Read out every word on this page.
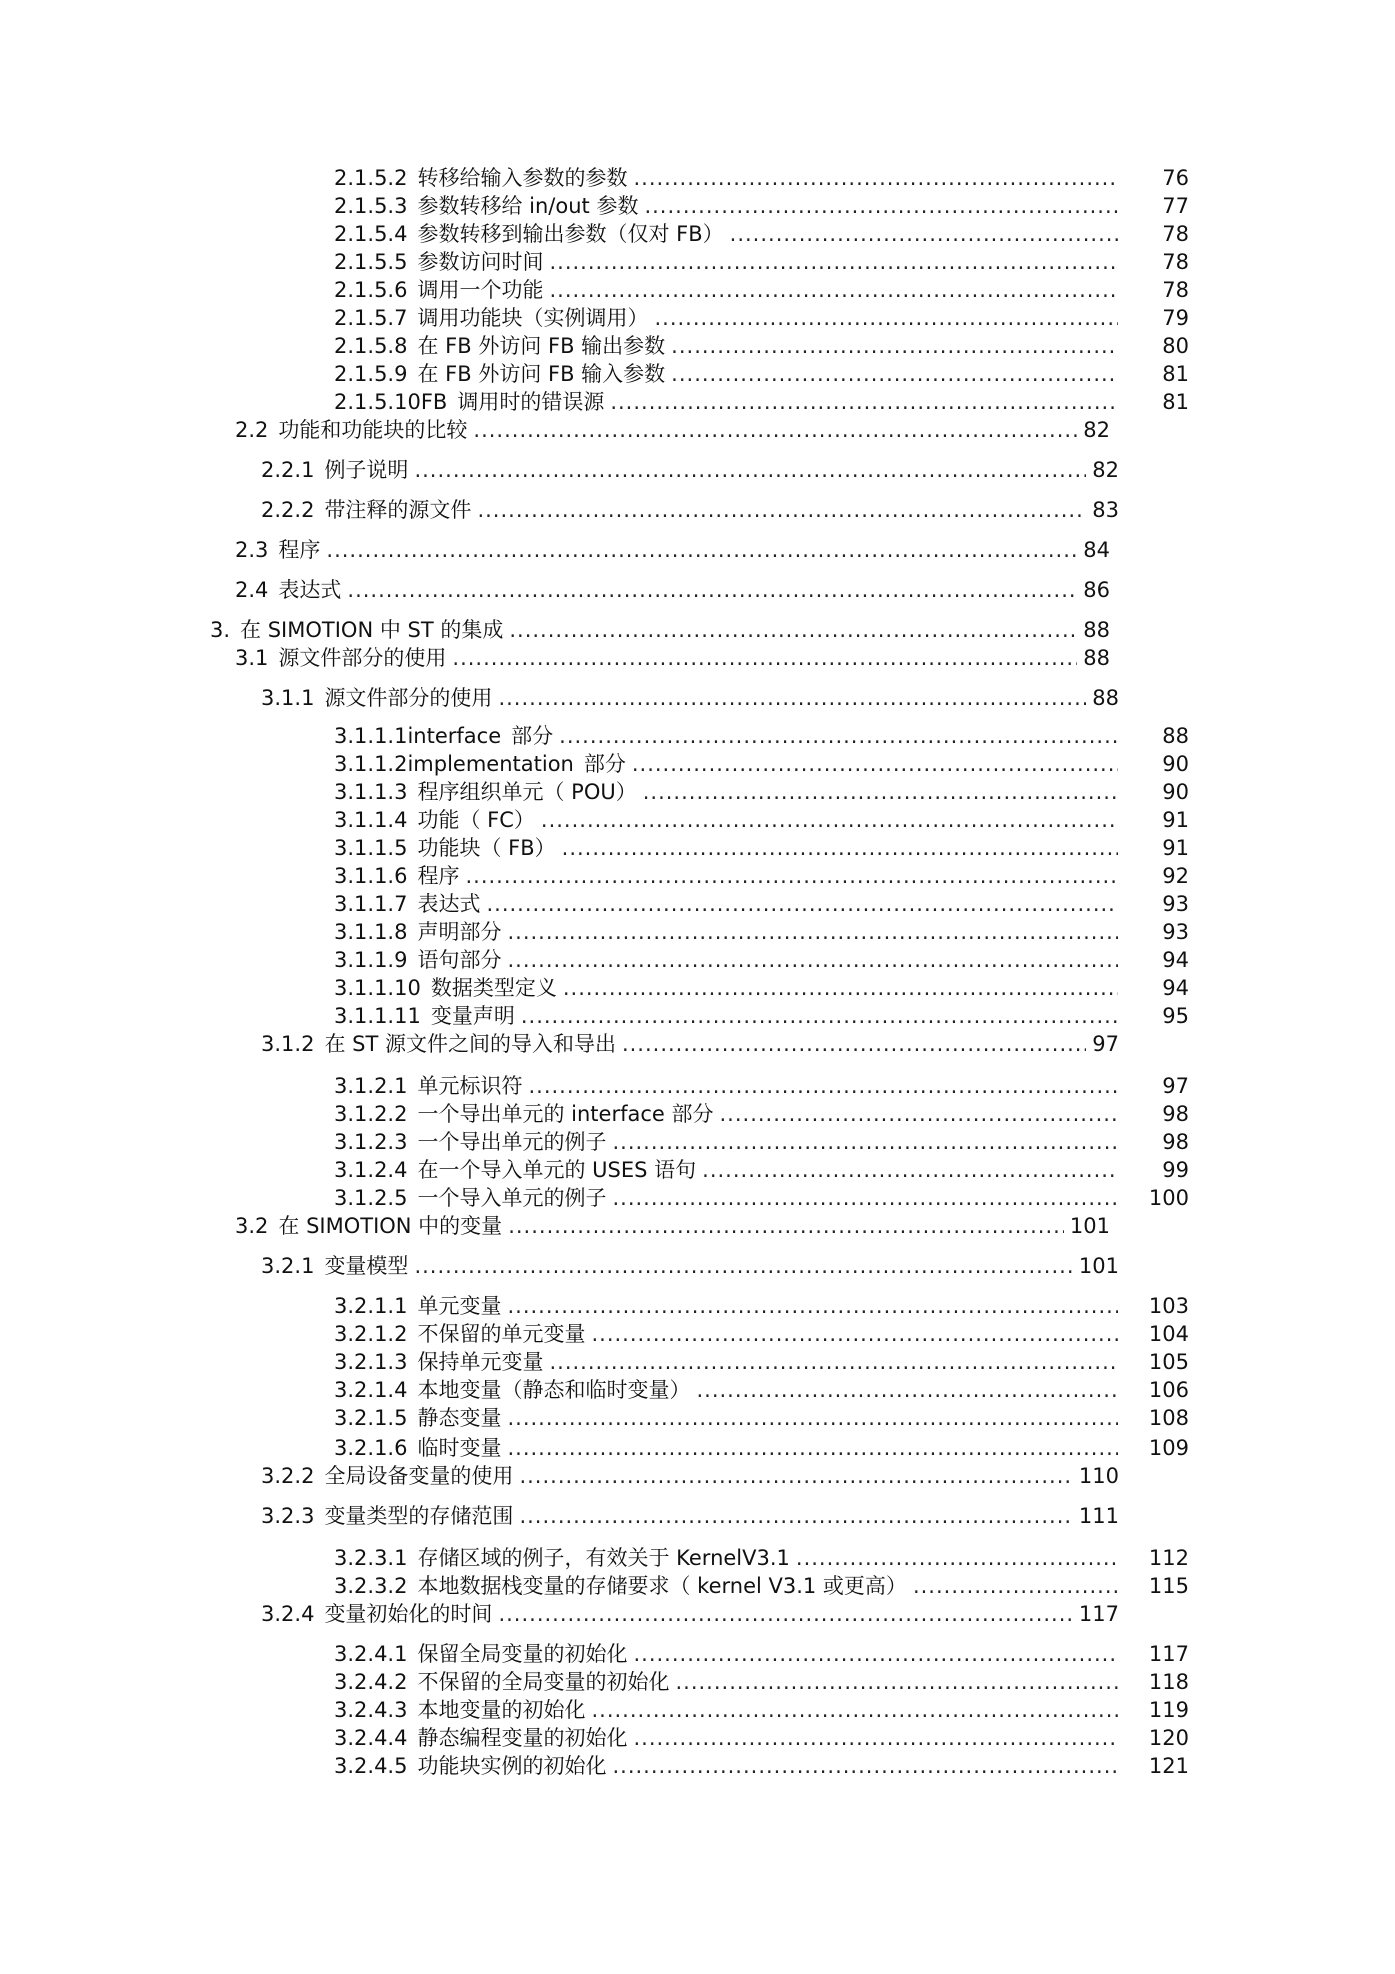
2.1.5.2 转移给输入参数的参数 .....	76
2.1.5.3 参数转移给 in/out 参数 .....	77
2.1.5.4 参数转移到输出参数（仅对 FB） .....	78
2.1.5.5 参数访问时间 .....	78
2.1.5.6 调用一个功能 .....	78
2.1.5.7 调用功能块（实例调用） .....	79
2.1.5.8 在 FB 外访问 FB 输出参数 .....	80
2.1.5.9 在 FB 外访问 FB 输入参数 .....	81
2.1.5.10FB 调用时的错误源 .....	81
2.2 功能和功能块的比较 .....	82
2.2.1 例子说明 .....	82
2.2.2 带注释的源文件 .....	83
2.3 程序 .....	84
2.4 表达式 .....	86
3. 在 SIMOTION 中 ST 的集成 .....	88
3.1 源文件部分的使用 .....	88
3.1.1 源文件部分的使用 .....	88
3.1.1.1interface 部分 .....	88
3.1.1.2implementation 部分 .....	90
3.1.1.3 程序组织单元（ POU） .....	90
3.1.1.4 功能（ FC） .....	91
3.1.1.5 功能块（ FB） .....	91
3.1.1.6 程序 .....	92
3.1.1.7 表达式 .....	93
3.1.1.8 声明部分 .....	93
3.1.1.9 语句部分 .....	94
3.1.1.10 数据类型定义 .....	94
3.1.1.11 变量声明 .....	95
3.1.2 在 ST 源文件之间的导入和导出 .....	97
3.1.2.1 单元标识符 .....	97
3.1.2.2 一个导出单元的 interface 部分 .....	98
3.1.2.3 一个导出单元的例子 .....	98
3.1.2.4 在一个导入单元的 USES 语句 .....	99
3.1.2.5 一个导入单元的例子 .....	100
3.2 在 SIMOTION 中的变量 .....	101
3.2.1 变量模型 .....	101
3.2.1.1 单元变量 .....	103
3.2.1.2 不保留的单元变量 .....	104
3.2.1.3 保持单元变量 .....	105
3.2.1.4 本地变量（静态和临时变量） .....	106
3.2.1.5 静态变量 .....	108
3.2.1.6 临时变量 .....	109
3.2.2 全局设备变量的使用 .....	110
3.2.3 变量类型的存储范围 .....	111
3.2.3.1 存储区域的例子，有效关于 KernelV3.1 .....	112
3.2.3.2 本地数据栈变量的存储要求（ kernel V3.1 或更高） .....	115
3.2.4 变量初始化的时间 .....	117
3.2.4.1 保留全局变量的初始化 .....	117
3.2.4.2 不保留的全局变量的初始化 .....	118
3.2.4.3 本地变量的初始化 .....	119
3.2.4.4 静态编程变量的初始化 .....	120
3.2.4.5 功能块实例的初始化 .....	121
